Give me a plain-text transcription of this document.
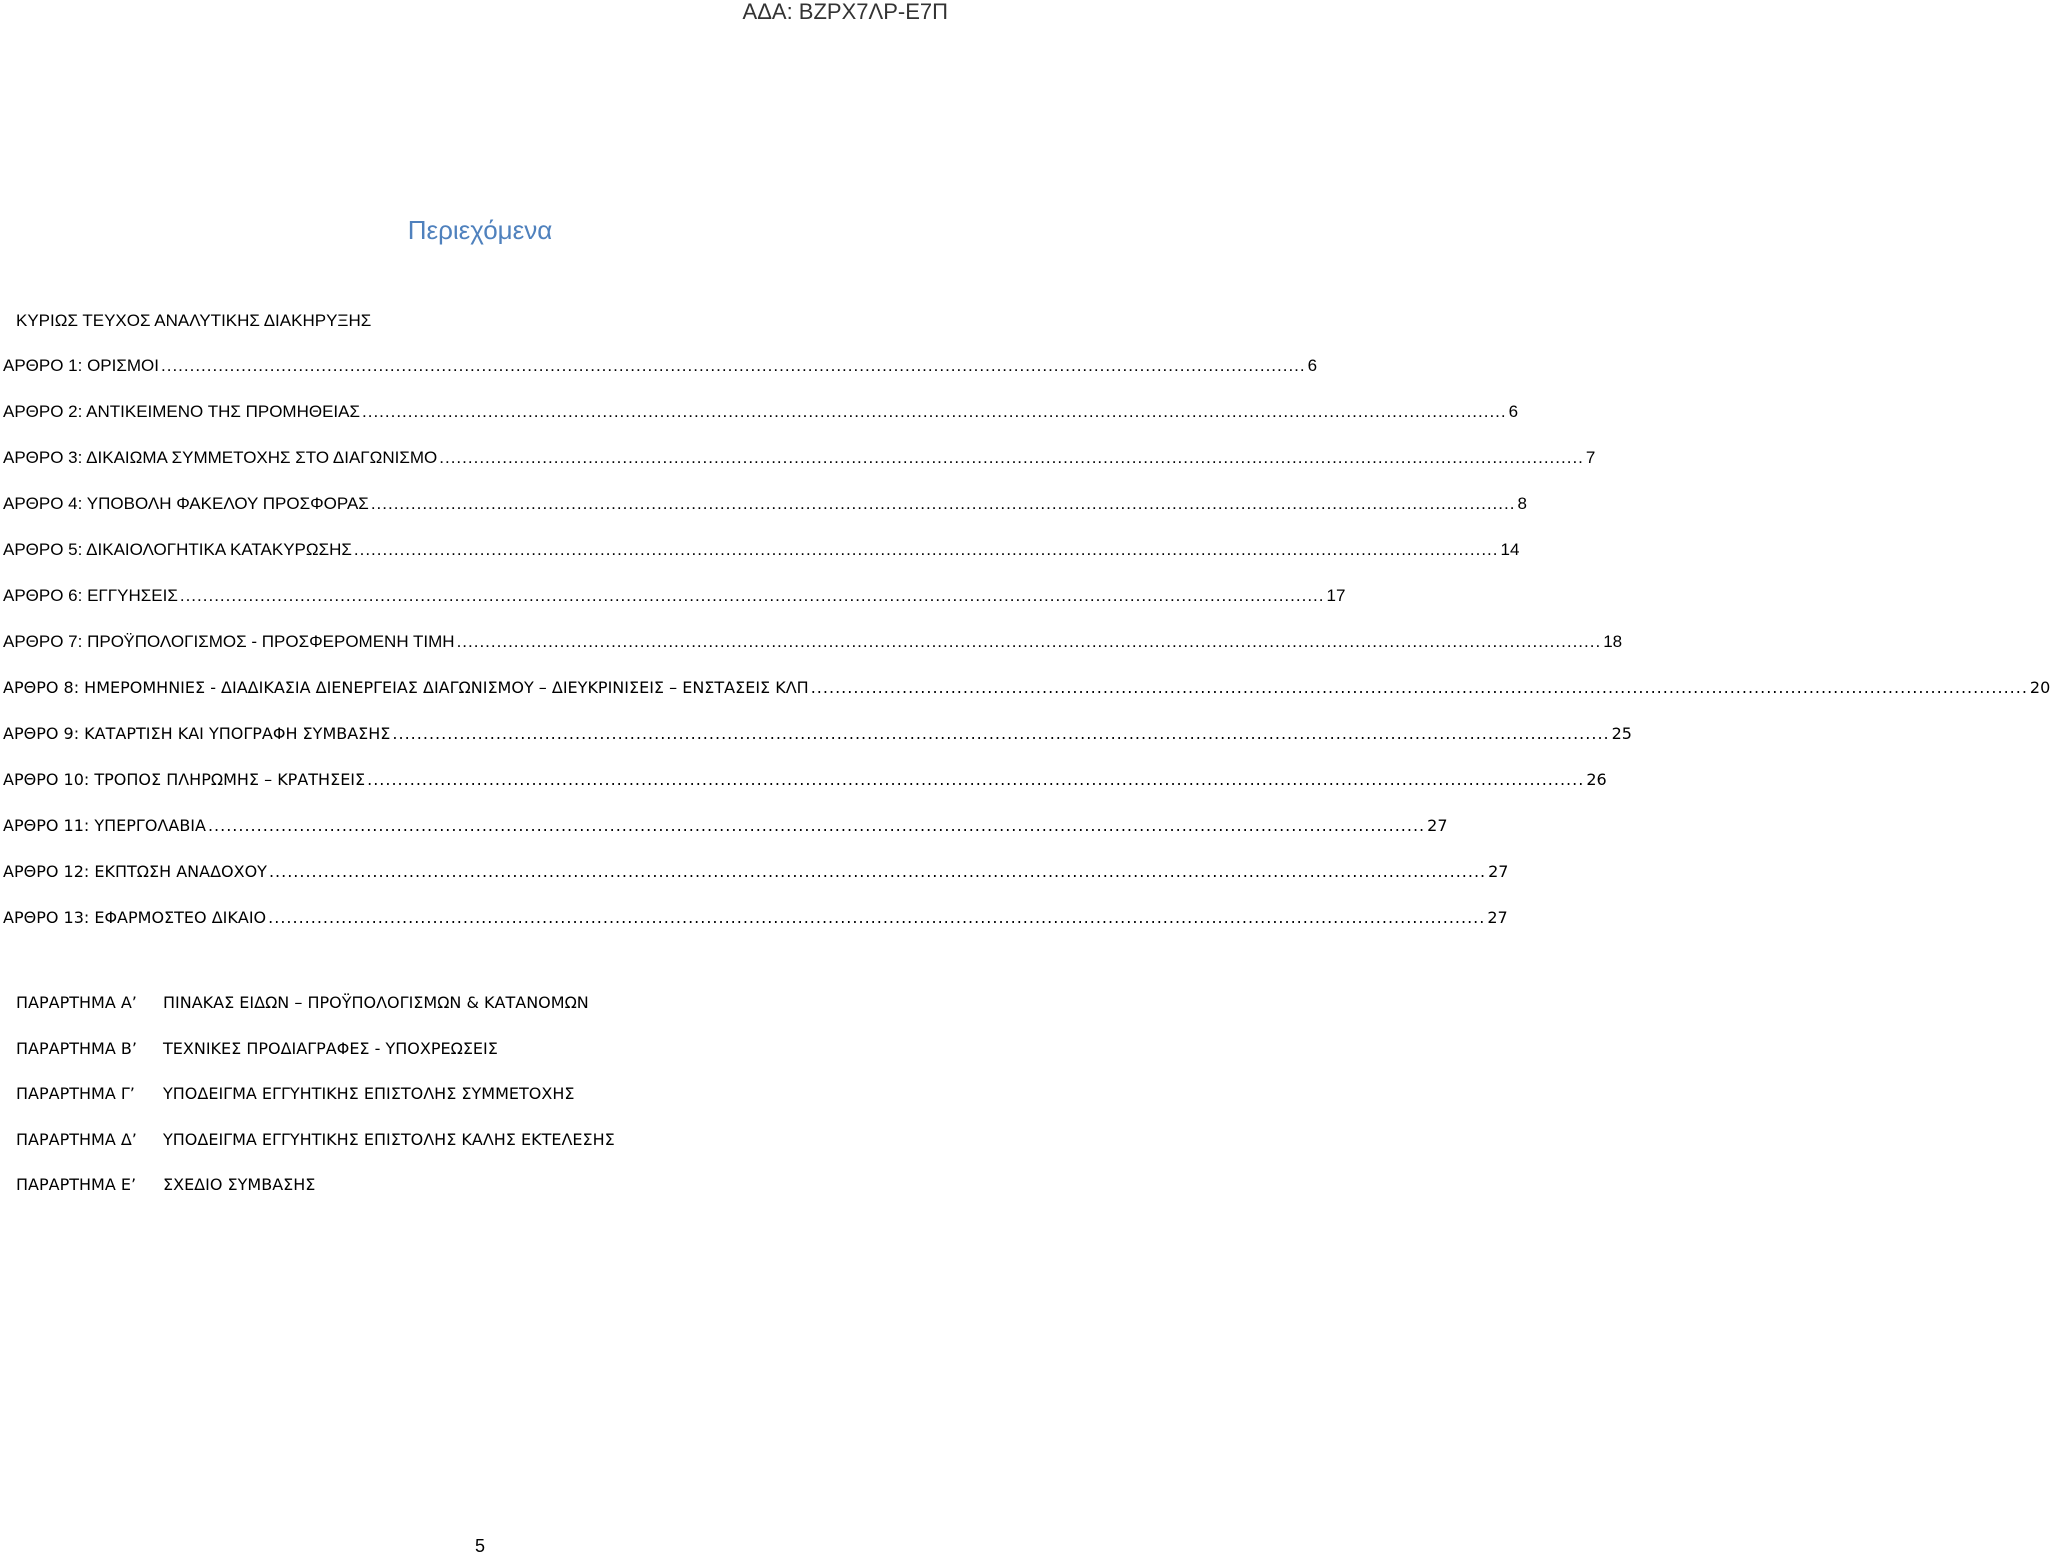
ΑΔΑ: ΒΖΡΧ7ΛΡ-Ε7Π
Περιεχόμενα
ΚΥΡΙΩΣ ΤΕΥΧΟΣ ΑΝΑΛΥΤΙΚΗΣ ΔΙΑΚΗΡΥΞΗΣ
ΑΡΘΡΟ 1: ΟΡΙΣΜΟΙ ........................................................................................................................................................................................................ 6
ΑΡΘΡΟ 2: ΑΝΤΙΚΕΙΜΕΝΟ ΤΗΣ ΠΡΟΜΗΘΕΙΑΣ ........................................................................................................................................................................................................ 6
ΑΡΘΡΟ 3: ΔΙΚΑΙΩΜΑ ΣΥΜΜΕΤΟΧΗΣ ΣΤΟ ΔΙΑΓΩΝΙΣΜΟ ........................................................................................................................................................................................................ 7
ΑΡΘΡΟ 4: ΥΠΟΒΟΛΗ ΦΑΚΕΛΟΥ ΠΡΟΣΦΟΡΑΣ ........................................................................................................................................................................................................ 8
ΑΡΘΡΟ 5: ΔΙΚΑΙΟΛΟΓΗΤΙΚΑ ΚΑΤΑΚΥΡΩΣΗΣ ........................................................................................................................................................................................................ 14
ΑΡΘΡΟ 6: ΕΓΓΥΗΣΕΙΣ ........................................................................................................................................................................................................ 17
ΑΡΘΡΟ 7: ΠΡΟΫΠΟΛΟΓΙΣΜΟΣ - ΠΡΟΣΦΕΡΟΜΕΝΗ ΤΙΜΗ ........................................................................................................................................................................................................ 18
ΑΡΘΡΟ 8: ΗΜΕΡΟΜΗΝΙΕΣ - ΔΙΑΔΙΚΑΣΙΑ ΔΙΕΝΕΡΓΕΙΑΣ ΔΙΑΓΩΝΙΣΜΟΥ – ΔΙΕΥΚΡΙΝΙΣΕΙΣ – ΕΝΣΤΑΣΕΙΣ ΚΛΠ ........................................................................................................................................................................................................ 20
ΑΡΘΡΟ 9: ΚΑΤΑΡΤΙΣΗ ΚΑΙ ΥΠΟΓΡΑΦΗ ΣΥΜΒΑΣΗΣ ........................................................................................................................................................................................................ 25
ΑΡΘΡΟ 10: ΤΡΟΠΟΣ ΠΛΗΡΩΜΗΣ – ΚΡΑΤΗΣΕΙΣ ........................................................................................................................................................................................................ 26
ΑΡΘΡΟ 11: ΥΠΕΡΓΟΛΑΒΙΑ ........................................................................................................................................................................................................ 27
ΑΡΘΡΟ 12: ΕΚΠΤΩΣΗ ΑΝΑΔΟΧΟΥ ........................................................................................................................................................................................................ 27
ΑΡΘΡΟ 13: ΕΦΑΡΜΟΣΤΕΟ ΔΙΚΑΙΟ ........................................................................................................................................................................................................ 27
ΠΑΡΑΡΤΗΜΑ Α’	ΠΙΝΑΚΑΣ ΕΙΔΩΝ – ΠΡΟΫΠΟΛΟΓΙΣΜΩΝ & ΚΑΤΑΝΟΜΩΝ
ΠΑΡΑΡΤΗΜΑ Β’	ΤΕΧΝΙΚΕΣ ΠΡΟΔΙΑΓΡΑΦΕΣ - ΥΠΟΧΡΕΩΣΕΙΣ
ΠΑΡΑΡΤΗΜΑ Γ’	ΥΠΟΔΕΙΓΜΑ ΕΓΓΥΗΤΙΚΗΣ ΕΠΙΣΤΟΛΗΣ ΣΥΜΜΕΤΟΧΗΣ
ΠΑΡΑΡΤΗΜΑ Δ’	ΥΠΟΔΕΙΓΜΑ ΕΓΓΥΗΤΙΚΗΣ ΕΠΙΣΤΟΛΗΣ ΚΑΛΗΣ ΕΚΤΕΛΕΣΗΣ
ΠΑΡΑΡΤΗΜΑ Ε’	ΣΧΕΔΙΟ ΣΥΜΒΑΣΗΣ
5
